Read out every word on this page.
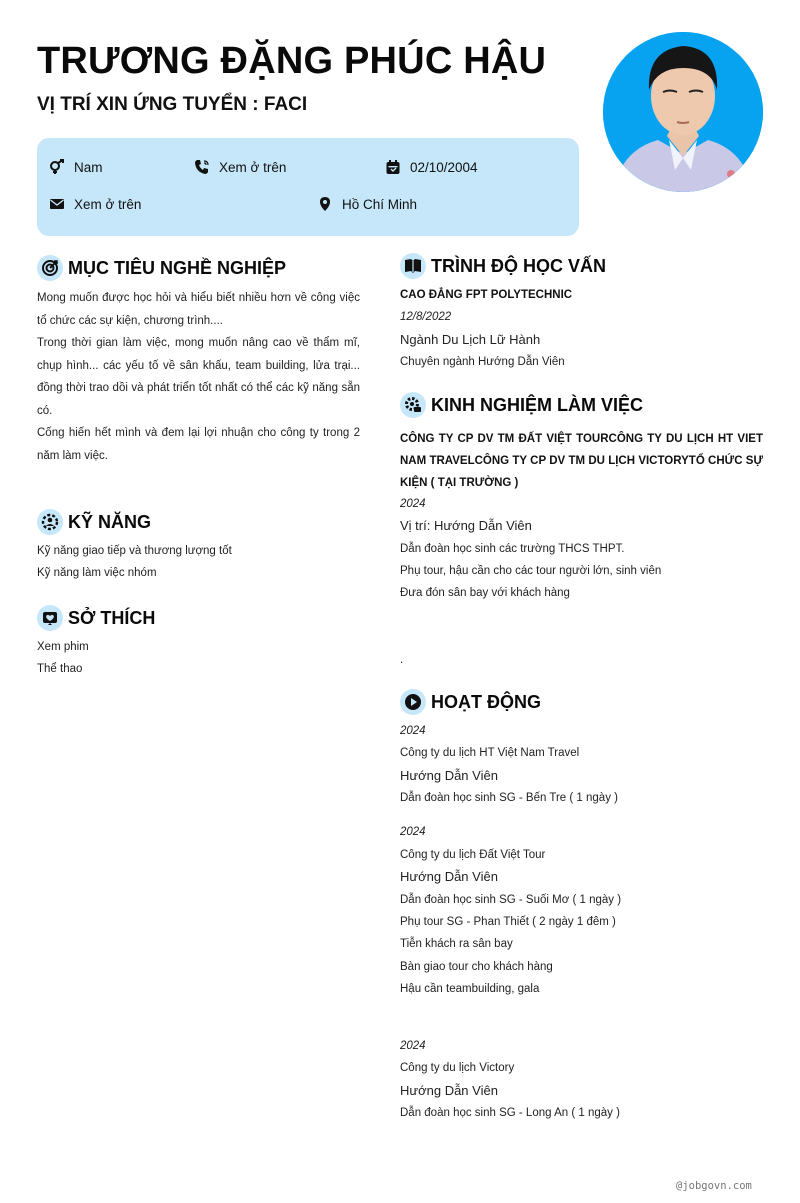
TRƯƠNG ĐẶNG PHÚC HẬU
VỊ TRÍ XIN ỨNG TUYỂN : FACI
Nam	Xem ở trên	02/10/2004
Xem ở trên	Hồ Chí Minh
MỤC TIÊU NGHỀ NGHIỆP
Mong muốn được học hỏi và hiểu biết nhiều hơn về công việc tổ chức các sự kiện, chương trình....
Trong thời gian làm việc, mong muốn nâng cao về thẩm mĩ, chụp hình... các yếu tố về sân khấu, team building, lửa trại... đồng thời trao dồi và phát triển tốt nhất có thể các kỹ năng sẵn có.
Cống hiến hết mình và đem lại lợi nhuận cho công ty trong 2 năm làm việc.
KỸ NĂNG
Kỹ năng giao tiếp và thương lượng tốt
Kỹ năng làm việc nhóm
SỞ THÍCH
Xem phim
Thể thao
TRÌNH ĐỘ HỌC VẤN
CAO ĐẲNG FPT POLYTECHNIC
12/8/2022
Ngành Du Lịch Lữ Hành
Chuyên ngành Hướng Dẫn Viên
KINH NGHIỆM LÀM VIỆC
CÔNG TY CP DV TM ĐẤT VIỆT TOURCÔNG TY DU LỊCH HT VIET NAM TRAVELCÔNG TY CP DV TM DU LỊCH VICTORYTỔ CHỨC SỰ KIỆN ( TẠI TRƯỜNG )
2024
Vị trí: Hướng Dẫn Viên
Dẫn đoàn học sinh các trường THCS THPT.
Phụ tour, hậu cần cho các tour người lớn, sinh viên
Đưa đón sân bay với khách hàng
.
HOẠT ĐỘNG
2024
Công ty du lịch HT Việt Nam Travel
Hướng Dẫn Viên
Dẫn đoàn học sinh SG - Bến Tre ( 1 ngày )
2024
Công ty du lịch Đất Việt Tour
Hướng Dẫn Viên
Dẫn đoàn học sinh SG - Suối Mơ ( 1 ngày )
Phụ tour SG - Phan Thiết ( 2 ngày 1 đêm )
Tiễn khách ra sân bay
Bàn giao tour cho khách hàng
Hậu cần teambuilding, gala
2024
Công ty du lịch Victory
Hướng Dẫn Viên
Dẫn đoàn học sinh SG - Long An ( 1 ngày )
@jobgovn.com
